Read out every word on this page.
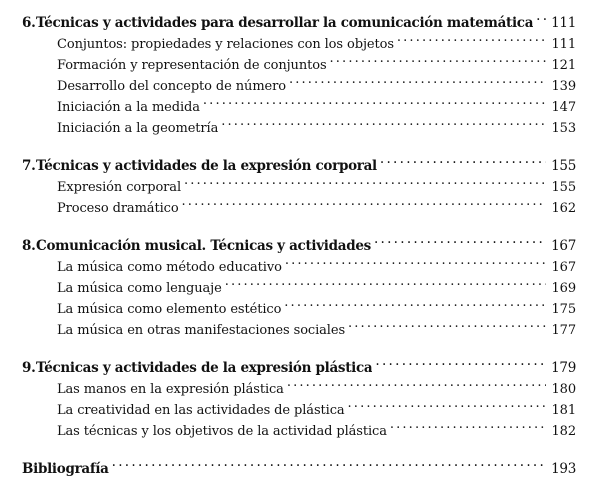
6. Técnicas y actividades para desarrollar la comunicación matemática . . . 111
Conjuntos: propiedades y relaciones con los objetos . . .	111
Formación y representación de conjuntos . . .	121
Desarrollo del concepto de número . . .	139
Iniciación a la medida . . .	147
Iniciación a la geometría . . .	153
7. Técnicas y actividades de la expresión corporal . . .	155
Expresión corporal . . .	155
Proceso dramático . . .	162
8. Comunicación musical. Técnicas y actividades . . .	167
La música como método educativo . . .	167
La música como lenguaje . . .	169
La música como elemento estético . . .	175
La música en otras manifestaciones sociales . . .	177
9. Técnicas y actividades de la expresión plástica . . .	179
Las manos en la expresión plástica . . .	180
La creatividad en las actividades de plástica . . .	181
Las técnicas y los objetivos de la actividad plástica . . .	182
Bibliografía . . .	193
